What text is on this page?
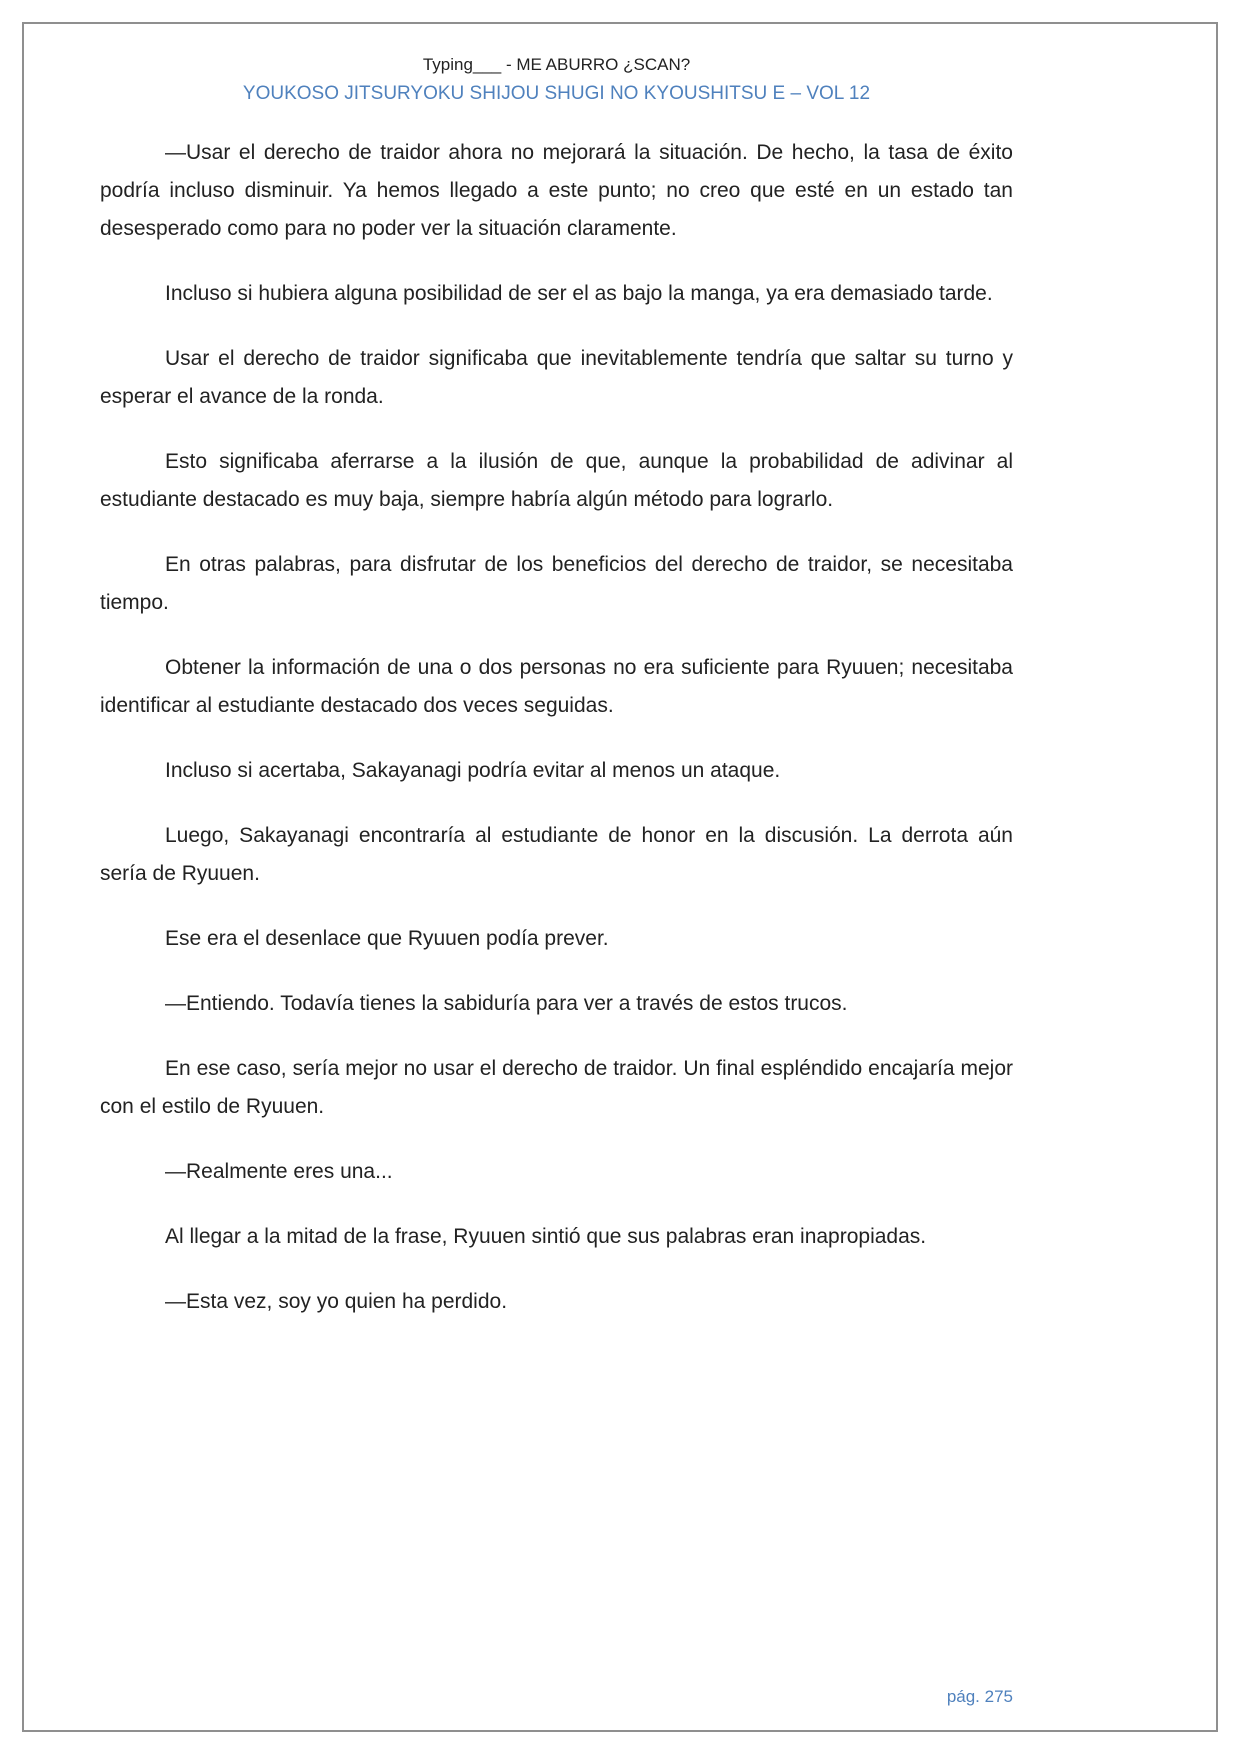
Typing___ - ME ABURRO ¿SCAN?
YOUKOSO JITSURYOKU SHIJOU SHUGI NO KYOUSHITSU E – VOL 12

—Usar el derecho de traidor ahora no mejorará la situación. De hecho, la tasa de éxito podría incluso disminuir. Ya hemos llegado a este punto; no creo que esté en un estado tan desesperado como para no poder ver la situación claramente.

Incluso si hubiera alguna posibilidad de ser el as bajo la manga, ya era demasiado tarde.

Usar el derecho de traidor significaba que inevitablemente tendría que saltar su turno y esperar el avance de la ronda.

Esto significaba aferrarse a la ilusión de que, aunque la probabilidad de adivinar al estudiante destacado es muy baja, siempre habría algún método para lograrlo.

En otras palabras, para disfrutar de los beneficios del derecho de traidor, se necesitaba tiempo.

Obtener la información de una o dos personas no era suficiente para Ryuuen; necesitaba identificar al estudiante destacado dos veces seguidas.

Incluso si acertaba, Sakayanagi podría evitar al menos un ataque.

Luego, Sakayanagi encontraría al estudiante de honor en la discusión. La derrota aún sería de Ryuuen.

Ese era el desenlace que Ryuuen podía prever.

—Entiendo. Todavía tienes la sabiduría para ver a través de estos trucos.

En ese caso, sería mejor no usar el derecho de traidor. Un final espléndido encajaría mejor con el estilo de Ryuuen.

—Realmente eres una...

Al llegar a la mitad de la frase, Ryuuen sintió que sus palabras eran inapropiadas.

—Esta vez, soy yo quien ha perdido.

pág. 275
